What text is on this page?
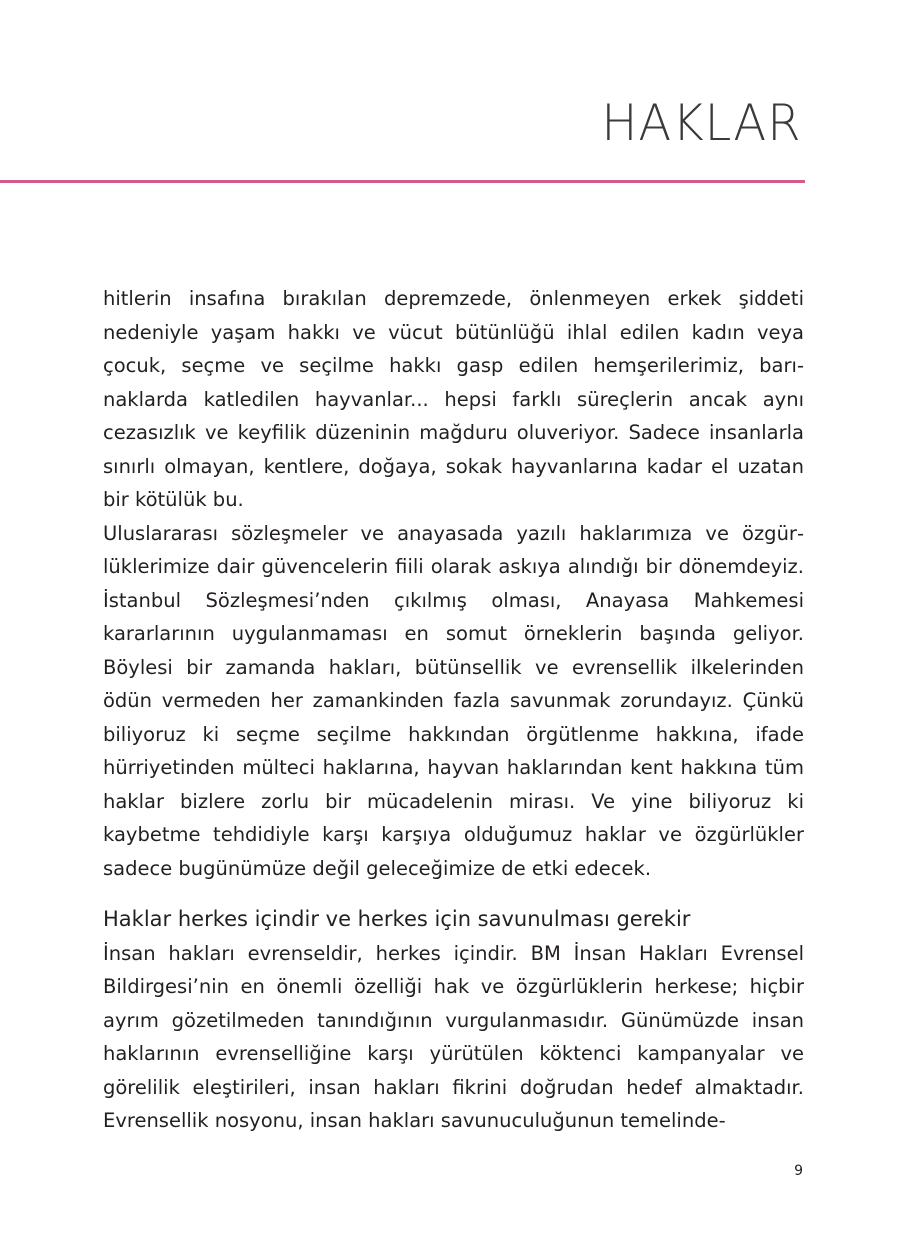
HAKLAR

hitlerin insafına bırakılan depremzede, önlenmeyen erkek şiddeti nedeniyle yaşam hakkı ve vücut bütünlüğü ihlal edilen kadın veya çocuk, seçme ve seçilme hakkı gasp edilen hemşerilerimiz, barınaklarda katledilen hayvanlar... hepsi farklı süreçlerin ancak aynı cezasızlık ve keyfilik düzeninin mağduru oluveriyor. Sadece insanlarla sınırlı olmayan, kentlere, doğaya, sokak hayvanlarına kadar el uzatan bir kötülük bu.

Uluslararası sözleşmeler ve anayasada yazılı haklarımıza ve özgürlüklerimize dair güvencelerin fiili olarak askıya alındığı bir dönemdeyiz. İstanbul Sözleşmesi’nden çıkılmış olması, Anayasa Mahkemesi kararlarının uygulanmaması en somut örneklerin başında geliyor. Böylesi bir zamanda hakları, bütünsellik ve evrensellik ilkelerinden ödün vermeden her zamankinden fazla savunmak zorundayız. Çünkü biliyoruz ki seçme seçilme hakkından örgütlenme hakkına, ifade hürriyetinden mülteci haklarına, hayvan haklarından kent hakkına tüm haklar bizlere zorlu bir mücadelenin mirası. Ve yine biliyoruz ki kaybetme tehdidiyle karşı karşıya olduğumuz haklar ve özgürlükler sadece bugünümüze değil geleceğimize de etki edecek.

Haklar herkes içindir ve herkes için savunulması gerekir

İnsan hakları evrenseldir, herkes içindir. BM İnsan Hakları Evrensel Bildirgesi’nin en önemli özelliği hak ve özgürlüklerin herkese; hiçbir ayrım gözetilmeden tanındığının vurgulanmasıdır. Günümüzde insan haklarının evrenselliğine karşı yürütülen köktenci kampanyalar ve görelilik eleştirileri, insan hakları fikrini doğrudan hedef almaktadır. Evrensellik nosyonu, insan hakları savunuculuğunun temelinde-

9
